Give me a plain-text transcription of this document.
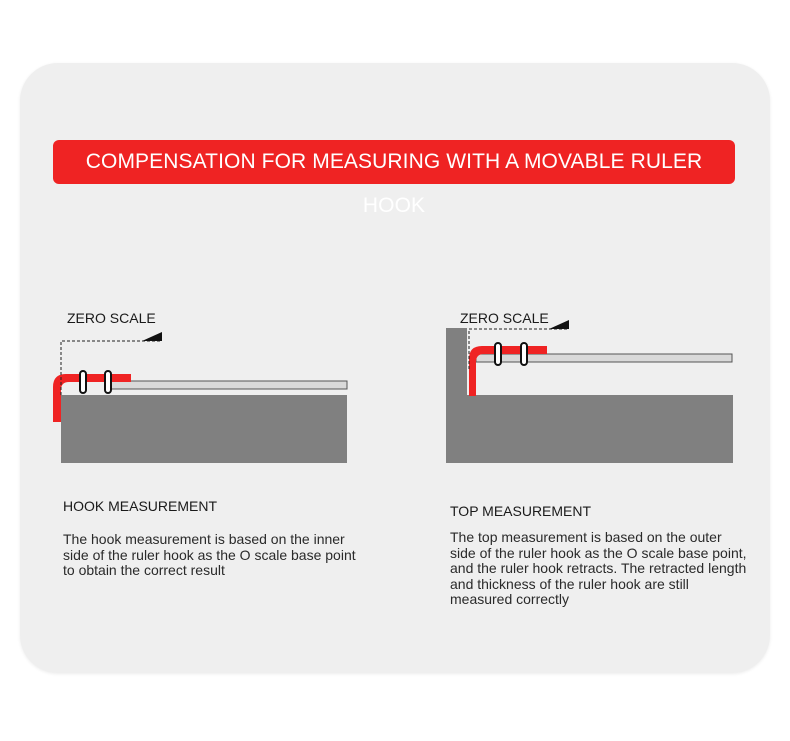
COMPENSATION FOR MEASURING WITH A MOVABLE RULER HOOK
ZERO SCALE	ZERO SCALE
HOOK MEASUREMENT
The hook measurement is based on the inner side of the ruler hook as the O scale base point to obtain the correct result
TOP MEASUREMENT
The top measurement is based on the outer side of the ruler hook as the O scale base point, and the ruler hook retracts. The retracted length and thickness of the ruler hook are still measured correctly
